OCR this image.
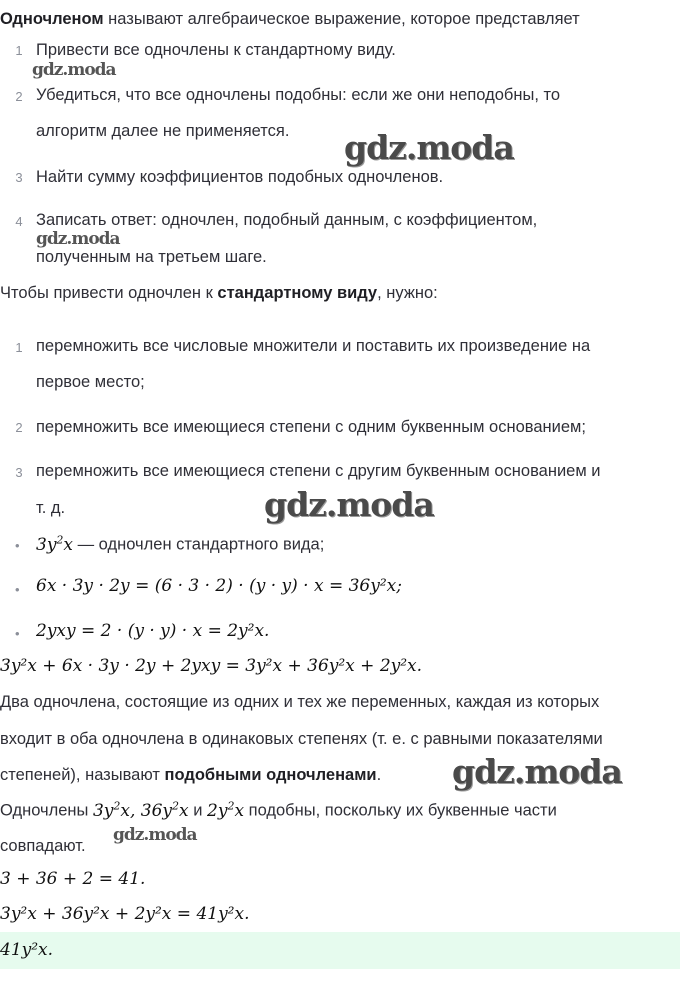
Одночленом называют алгебраическое выражение, которое представляет
1 Привести все одночлены к стандартному виду.
2 Убедиться, что все одночлены подобны: если же они неподобны, то
алгоритм далее не применяется.
3 Найти сумму коэффициентов подобных одночленов.
4 Записать ответ: одночлен, подобный данным, с коэффициентом,
полученным на третьем шаге.
Чтобы привести одночлен к стандартному виду, нужно:
1 перемножить все числовые множители и поставить их произведение на
первое место;
2 перемножить все имеющиеся степени с одним буквенным основанием;
3 перемножить все имеющиеся степени с другим буквенным основанием и
т. д.
• $3y^2x$ — одночлен стандартного вида;
• 6x · 3y · 2y = (6 · 3 · 2) · (y · y) · x = 36y²x;
• 2yxy = 2 · (y · y) · x = 2y²x.
3y²x + 6x · 3y · 2y + 2yxy = 3y²x + 36y²x + 2y²x.
Два одночлена, состоящие из одних и тех же переменных, каждая из которых
входит в оба одночлена в одинаковых степенях (т. е. с равными показателями
степеней), называют подобными одночленами.
Одночлены $3y^2x$, $36y^2x$ и $2y^2x$ подобны, поскольку их буквенные части
совпадают.
3 + 36 + 2 = 41.
3y²x + 36y²x + 2y²x = 41y²x.
41y²x.
gdz.moda
gdz.moda
gdz.moda
gdz.moda
gdz.moda
gdz.moda
